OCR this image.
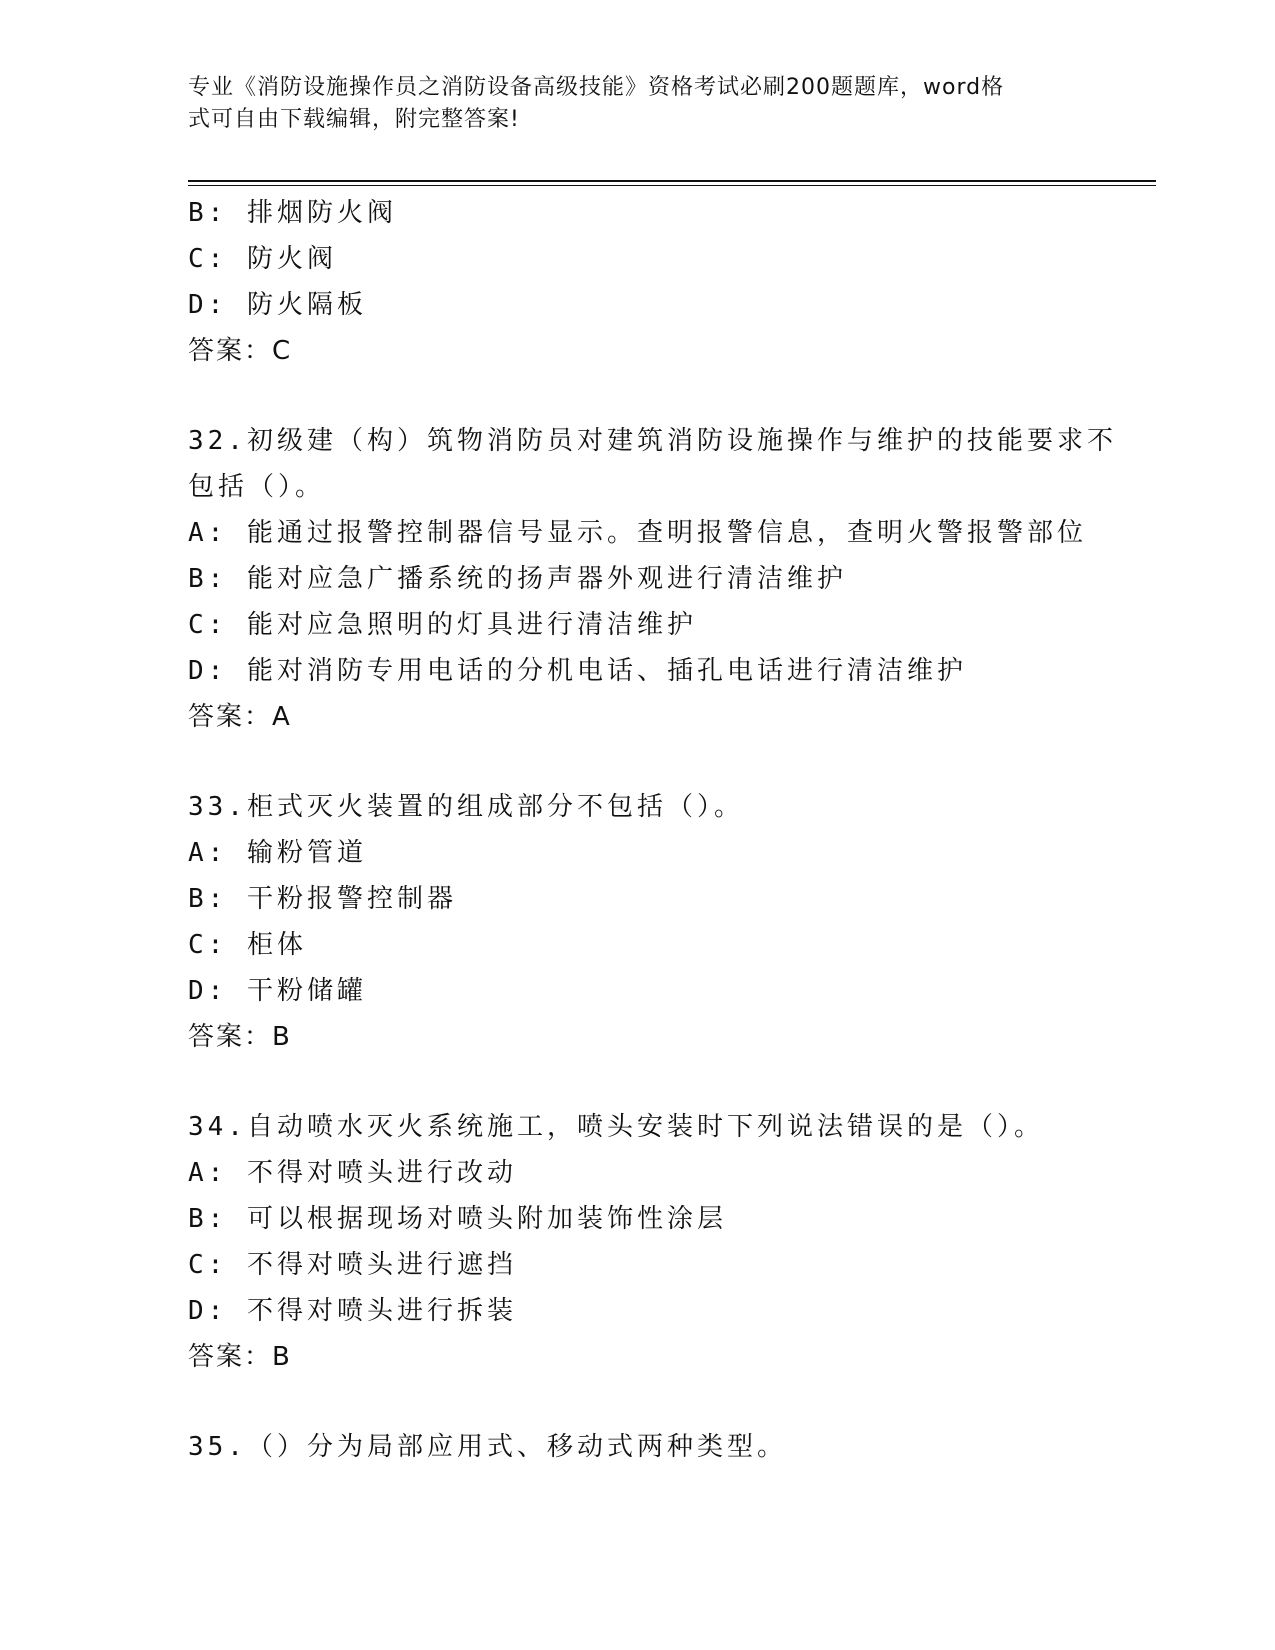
专业《消防设施操作员之消防设备高级技能》资格考试必刷200题题库，word格
式可自由下载编辑，附完整答案!
B: 排烟防火阀
C: 防火阀
D: 防火隔板
答案：C
32.初级建（构）筑物消防员对建筑消防设施操作与维护的技能要求不
包括（）。
A: 能通过报警控制器信号显示。查明报警信息，查明火警报警部位
B: 能对应急广播系统的扬声器外观进行清洁维护
C: 能对应急照明的灯具进行清洁维护
D: 能对消防专用电话的分机电话、插孔电话进行清洁维护
答案：A
33.柜式灭火装置的组成部分不包括（）。
A: 输粉管道
B: 干粉报警控制器
C: 柜体
D: 干粉储罐
答案：B
34.自动喷水灭火系统施工，喷头安装时下列说法错误的是（）。
A: 不得对喷头进行改动
B: 可以根据现场对喷头附加装饰性涂层
C: 不得对喷头进行遮挡
D: 不得对喷头进行拆装
答案：B
35.（）分为局部应用式、移动式两种类型。
